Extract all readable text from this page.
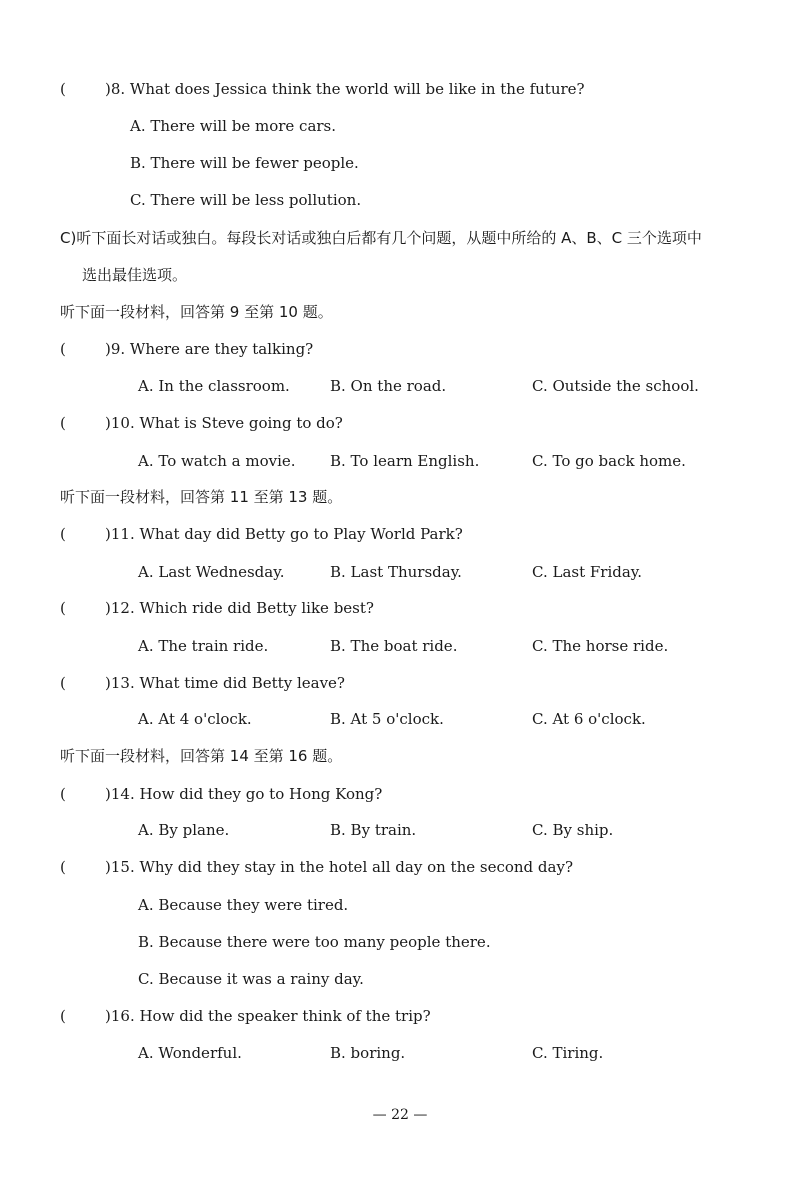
(	)8. What does Jessica think the world will be like in the future?
A. There will be more cars.
B. There will be fewer people.
C. There will be less pollution.
C)听下面长对话或独白。每段长对话或独白后都有几个问题，从题中所给的 A、B、C 三个选项中
选出最佳选项。
听下面一段材料，回答第 9 至第 10 题。
(	)9. Where are they talking?
A. In the classroom.	B. On the road.	C. Outside the school.
(	)10. What is Steve going to do?
A. To watch a movie. B. To learn English.	C. To go back home.
听下面一段材料，回答第 11 至第 13 题。
(	)11. What day did Betty go to Play World Park?
A. Last Wednesday.	B. Last Thursday.	C. Last Friday.
(	)12. Which ride did Betty like best?
A. The train ride.	B. The boat ride.	C. The horse ride.
(	)13. What time did Betty leave?
A. At 4 o'clock.	B. At 5 o'clock.	C. At 6 o'clock.
听下面一段材料，回答第 14 至第 16 题。
(	)14. How did they go to Hong Kong?
A. By plane.	B. By train.	C. By ship.
(	)15. Why did they stay in the hotel all day on the second day?
A. Because they were tired.
B. Because there were too many people there.
C. Because it was a rainy day.
(	)16. How did the speaker think of the trip?
A. Wonderful.	B. boring.	C. Tiring.
— 22 —
